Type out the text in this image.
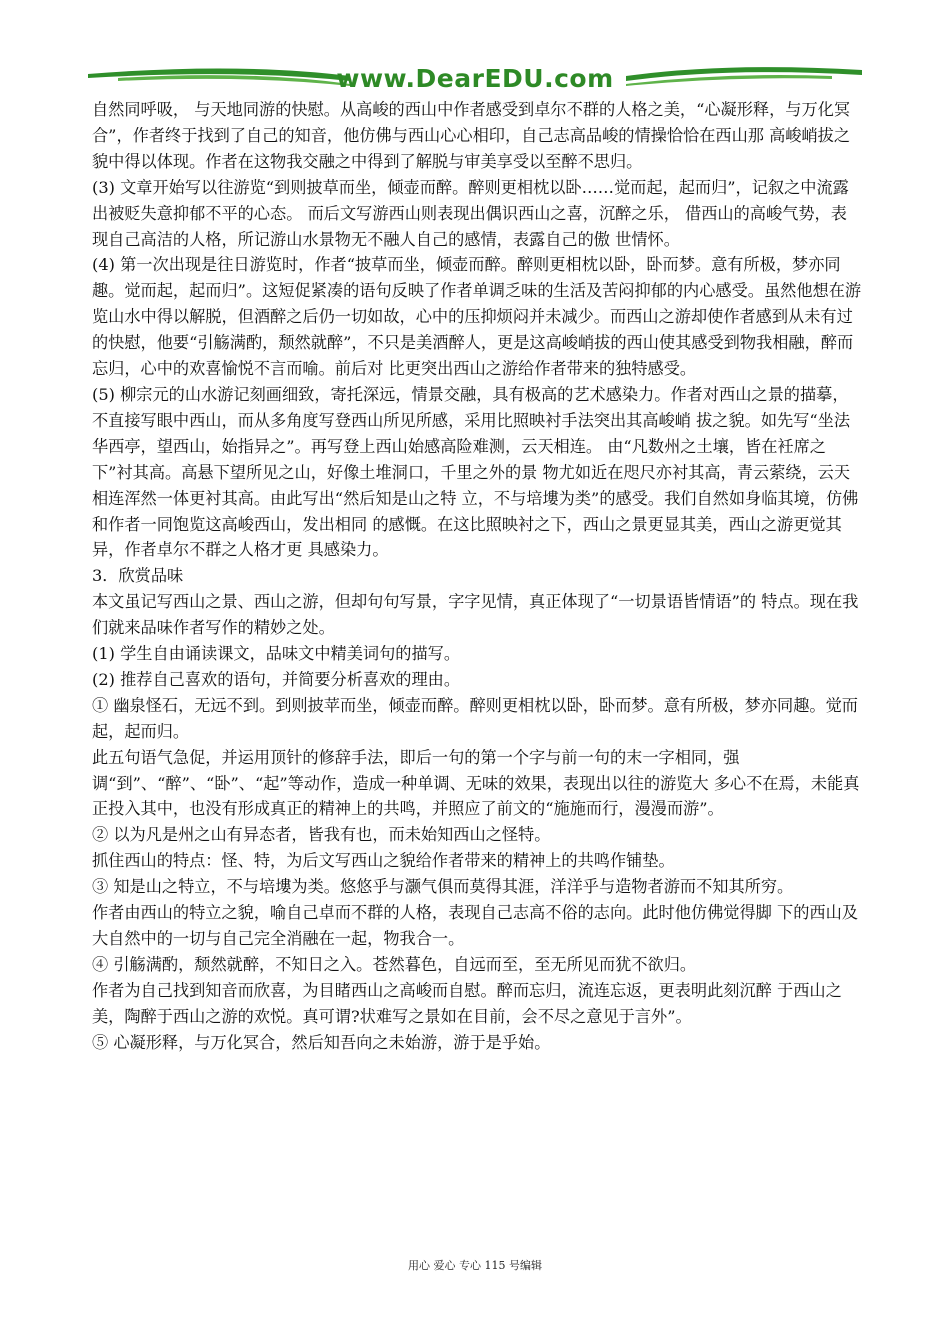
www.DearEDU.com

自然同呼吸， 与天地同游的快慰。从高峻的西山中作者感受到卓尔不群的人格之美，“心凝形释，与万化冥 合”，作者终于找到了自己的知音，他仿佛与西山心心相印，自己志高品峻的情操恰恰在西山那 高峻峭拔之貌中得以体现。作者在这物我交融之中得到了解脱与审美享受以至醉不思归。

(3) 文章开始写以往游览“到则披草而坐，倾壶而醉。醉则更相枕以卧……觉而起，起而归”，记叙之中流露出被贬失意抑郁不平的心态。 而后文写游西山则表现出偶识西山之喜，沉醉之乐， 借西山的高峻气势，表现自己高洁的人格，所记游山水景物无不融人自己的感情，表露自己的傲 世情怀。

(4) 第一次出现是往日游览时，作者“披草而坐，倾壶而醉。醉则更相枕以卧，卧而梦。意有所极，梦亦同趣。觉而起，起而归”。这短促紧凑的语句反映了作者单调乏味的生活及苦闷抑郁的内心感受。虽然他想在游览山水中得以解脱，但酒醉之后仍一切如故，心中的压抑烦闷并未减少。而西山之游却使作者感到从未有过的快慰，他要“引觞满酌，颓然就醉”，不只是美酒醉人，更是这高峻峭拔的西山使其感受到物我相融，醉而忘归，心中的欢喜愉悦不言而喻。前后对 比更突出西山之游给作者带来的独特感受。

(5) 柳宗元的山水游记刻画细致，寄托深远，情景交融，具有极高的艺术感染力。作者对西山之景的描摹，不直接写眼中西山，而从多角度写登西山所见所感，采用比照映衬手法突出其高峻峭 拔之貌。如先写“坐法华西亭，望西山，始指异之”。再写登上西山始感高险难测，云天相连。 由“凡数州之土壤，皆在衽席之下”衬其高。高悬下望所见之山，好像土堆洞口，千里之外的景 物尤如近在咫尺亦衬其高，青云萦绕，云天相连浑然一体更衬其高。由此写出“然后知是山之特 立，不与培塿为类”的感受。我们自然如身临其境，仿佛和作者一同饱览这高峻西山，发出相同 的感慨。在这比照映衬之下，西山之景更显其美，西山之游更觉其异，作者卓尔不群之人格才更 具感染力。

3．欣赏品味

本文虽记写西山之景、西山之游，但却句句写景，字字见情，真正体现了“一切景语皆情语”的 特点。现在我们就来品味作者写作的精妙之处。

(1) 学生自由诵读课文，品味文中精美词句的描写。

(2) 推荐自己喜欢的语句，并简要分析喜欢的理由。

① 幽泉怪石，无远不到。到则披苹而坐，倾壶而醉。醉则更相枕以卧，卧而梦。意有所极，梦亦同趣。觉而起，起而归。

此五句语气急促，并运用顶针的修辞手法，即后一句的第一个字与前一句的末一字相同，强调“到”、“醉”、“卧”、“起”等动作，造成一种单调、无味的效果，表现出以往的游览大 多心不在焉，未能真正投入其中，也没有形成真正的精神上的共鸣，并照应了前文的“施施而行，漫漫而游”。

② 以为凡是州之山有异态者，皆我有也，而未始知西山之怪特。

抓住西山的特点：怪、特，为后文写西山之貌给作者带来的精神上的共鸣作铺垫。

③ 知是山之特立，不与培塿为类。悠悠乎与灏气俱而莫得其涯，洋洋乎与造物者游而不知其所穷。

作者由西山的特立之貌，喻自己卓而不群的人格，表现自己志高不俗的志向。此时他仿佛觉得脚 下的西山及大自然中的一切与自己完全消融在一起，物我合一。

④ 引觞满酌，颓然就醉，不知日之入。苍然暮色，自远而至，至无所见而犹不欲归。

作者为自己找到知音而欣喜，为目睹西山之高峻而自慰。醉而忘归，流连忘返，更表明此刻沉醉 于西山之美，陶醉于西山之游的欢悦。真可谓?状难写之景如在目前，会不尽之意见于言外”。

⑤ 心凝形释，与万化冥合，然后知吾向之未始游，游于是乎始。

用心 爱心 专心 115 号编辑
